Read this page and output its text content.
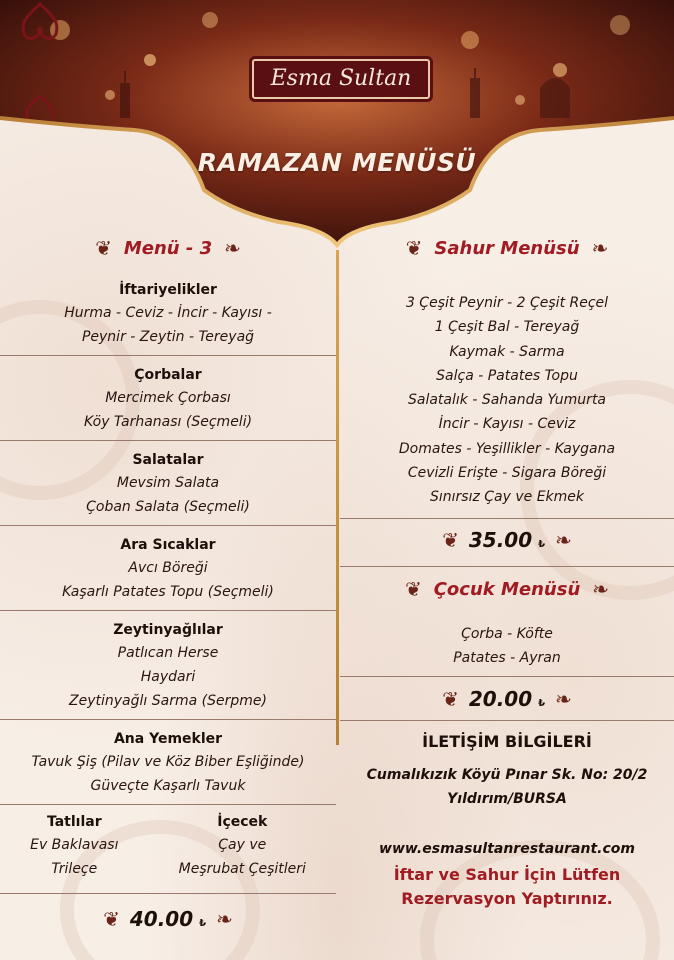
Esma Sultan
RAMAZAN MENÜSÜ
❦ Menü - 3 ❧
İftariyelikler

Hurma - Ceviz - İncir - Kayısı -

Peynir - Zeytin - Tereyağ

Çorbalar

Mercimek Çorbası

Köy Tarhanası (Seçmeli)

Salatalar

Mevsim Salata

Çoban Salata (Seçmeli)

Ara Sıcaklar

Avcı Böreği

Kaşarlı Patates Topu (Seçmeli)

Zeytinyağlılar

Patlıcan Herse

Haydari

Zeytinyağlı Sarma (Serpme)

Ana Yemekler

Tavuk Şiş (Pilav ve Köz Biber Eşliğinde)

Güveçte Kaşarlı Tavuk

Tatlılar

Ev Baklavası

Trileçe

İçecek

Çay ve

Meşrubat Çeşitleri

❦ 40.00 ₺ ❧
❦ Sahur Menüsü ❧

3 Çeşit Peynir - 2 Çeşit Reçel

1 Çeşit Bal - Tereyağ

Kaymak - Sarma

Salça - Patates Topu

Salatalık - Sahanda Yumurta

İncir - Kayısı - Ceviz

Domates - Yeşillikler - Kaygana

Cevizli Erişte - Sigara Böreği

Sınırsız Çay ve Ekmek

❦ 35.00 ₺ ❧
❦ Çocuk Menüsü ❧

Çorba - Köfte

Patates - Ayran

❦ 20.00 ₺ ❧
İLETİŞİM BİLGİLERİ

Cumalıkızık Köyü Pınar Sk. No: 20/2

Yıldırım/BURSA

www.esmasultanrestaurant.com

İftar ve Sahur İçin Lütfen

Rezervasyon Yaptırınız.
